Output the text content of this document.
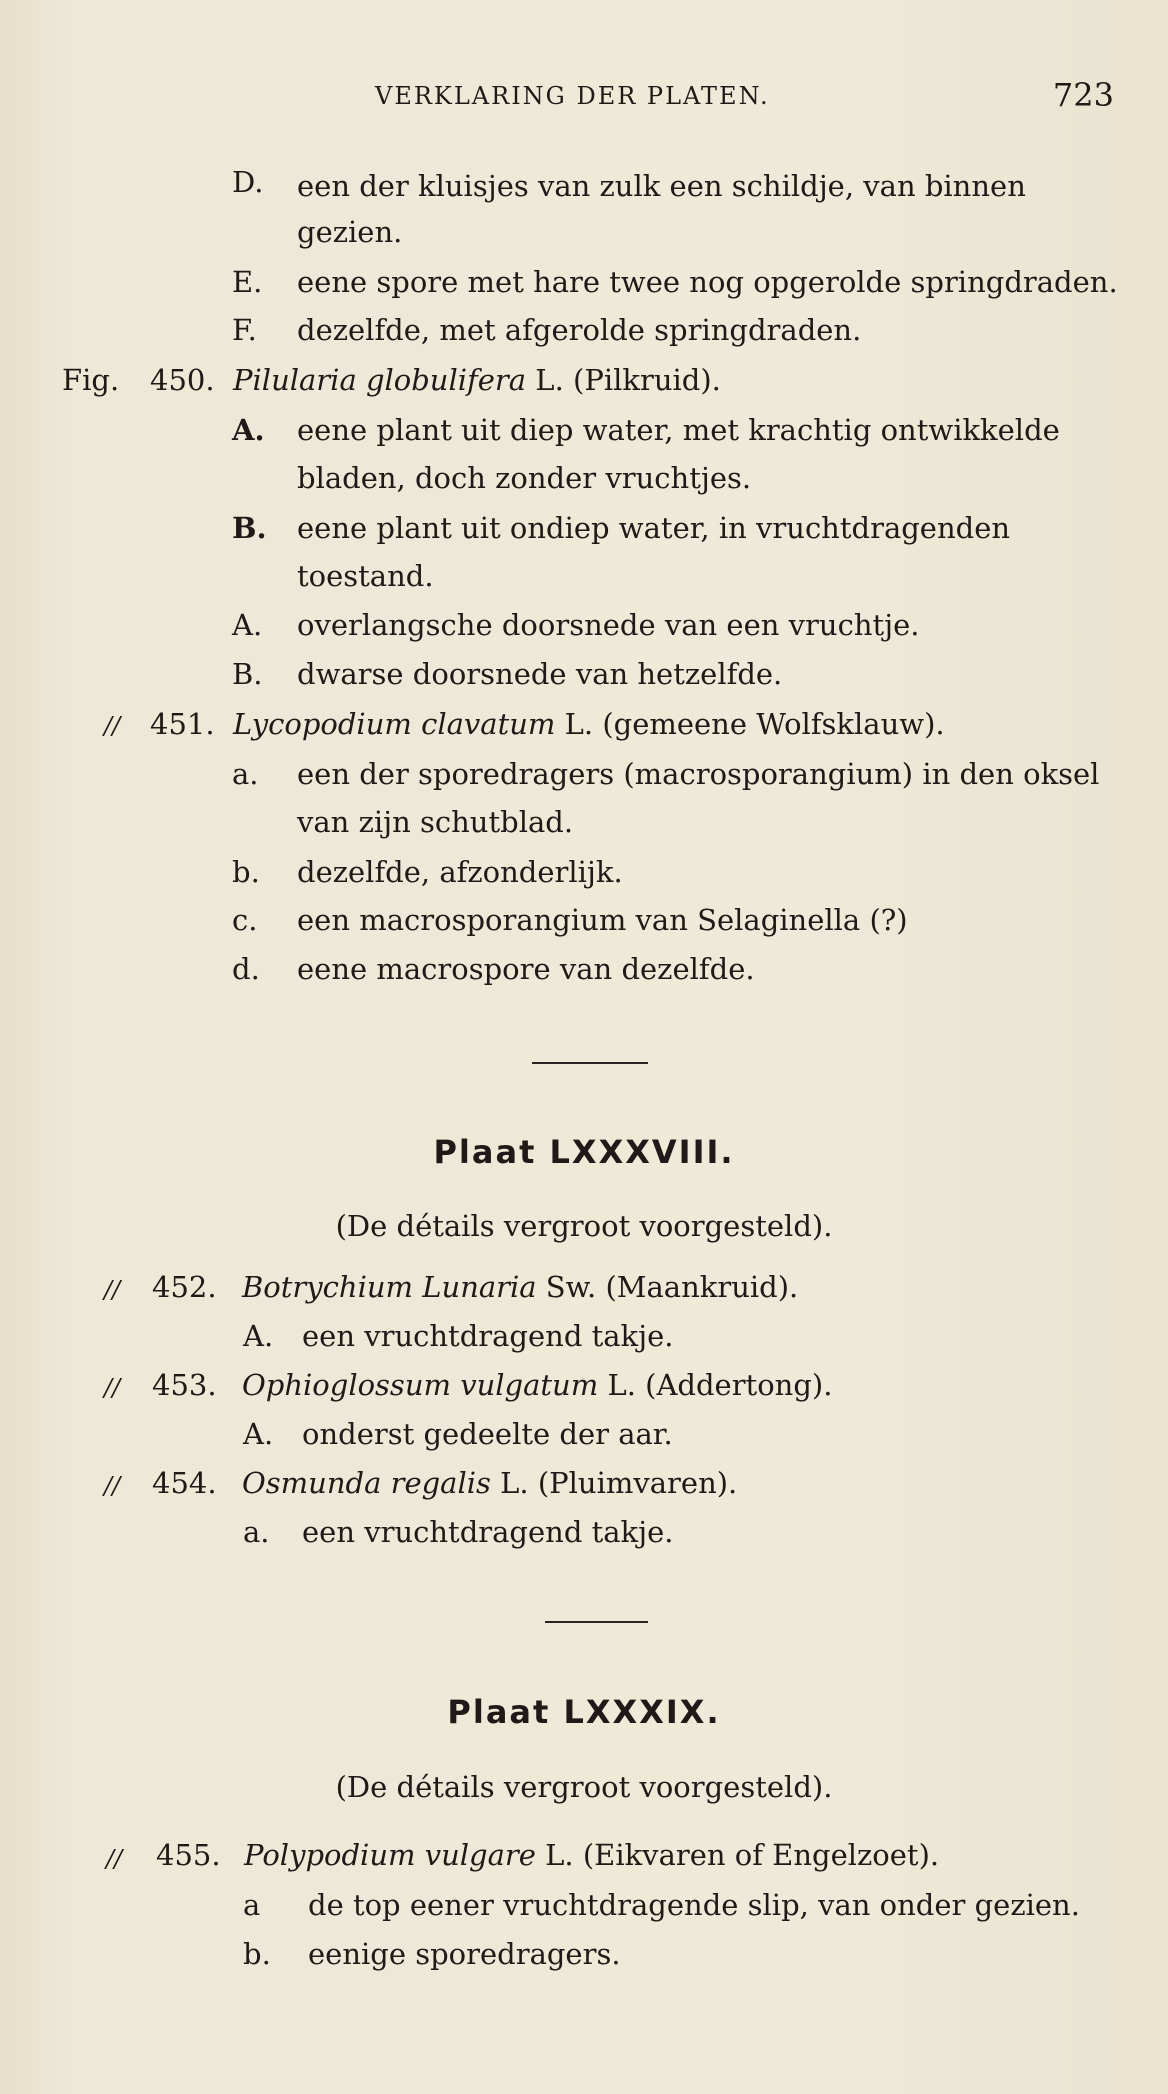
VERKLARING DER PLATEN.	723
D. een der kluisjes van zulk een schildje, van binnen
gezien.
E. eene spore met hare twee nog opgerolde springdraden.
F. dezelfde, met afgerolde springdraden.
Fig. 450. Pilularia globulifera L. (Pilkruid).
A. eene plant uit diep water, met krachtig ontwikkelde
bladen, doch zonder vruchtjes.
B. eene plant uit ondiep water, in vruchtdragenden
toestand.
A. overlangsche doorsnede van een vruchtje.
B. dwarse doorsnede van hetzelfde.
// 451. Lycopodium clavatum L. (gemeene Wolfsklauw).
a. een der sporedragers (macrosporangium) in den oksel
van zijn schutblad.
b. dezelfde, afzonderlijk.
c. een macrosporangium van Selaginella (?)
d. eene macrospore van dezelfde.
Plaat LXXXVIII.
(De détails vergroot voorgesteld).
// 452. Botrychium Lunaria Sw. (Maankruid).
A. een vruchtdragend takje.
// 453. Ophioglossum vulgatum L. (Addertong).
A. onderst gedeelte der aar.
// 454. Osmunda regalis L. (Pluimvaren).
a. een vruchtdragend takje.
Plaat LXXXIX.
(De détails vergroot voorgesteld).
// 455. Polypodium vulgare L. (Eikvaren of Engelzoet).
a de top eener vruchtdragende slip, van onder gezien.
b. eenige sporedragers.
